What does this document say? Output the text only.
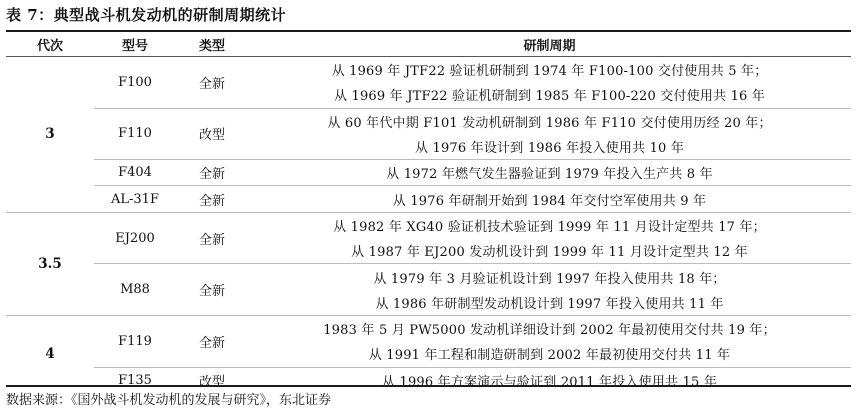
表 7：典型战斗机发动机的研制周期统计
代次	型号	类型	研制周期
3	F100	全新	从 1969 年 JTF22 验证机研制到 1974 年 F100-100 交付使用共 5 年；
			从 1969 年 JTF22 验证机研制到 1985 年 F100-220 交付使用共 16 年
	F110	改型	从 60 年代中期 F101 发动机研制到 1986 年 F110 交付使用历经 20 年；
			从 1976 年设计到 1986 年投入使用共 10 年
	F404	全新	从 1972 年燃气发生器验证到 1979 年投入生产共 8 年
	AL-31F	全新	从 1976 年研制开始到 1984 年交付空军使用共 9 年
3.5	EJ200	全新	从 1982 年 XG40 验证机技术验证到 1999 年 11 月设计定型共 17 年；
			从 1987 年 EJ200 发动机设计到 1999 年 11 月设计定型共 12 年
	M88	全新	从 1979 年 3 月验证机设计到 1997 年投入使用共 18 年；
			从 1986 年研制型发动机设计到 1997 年投入使用共 11 年
4	F119	全新	1983 年 5 月 PW5000 发动机详细设计到 2002 年最初使用交付共 19 年；
			从 1991 年工程和制造研制到 2002 年最初使用交付共 11 年
	F135	改型	从 1996 年方案演示与验证到 2011 年投入使用共 15 年
数据来源：《国外战斗机发动机的发展与研究》，东北证券
